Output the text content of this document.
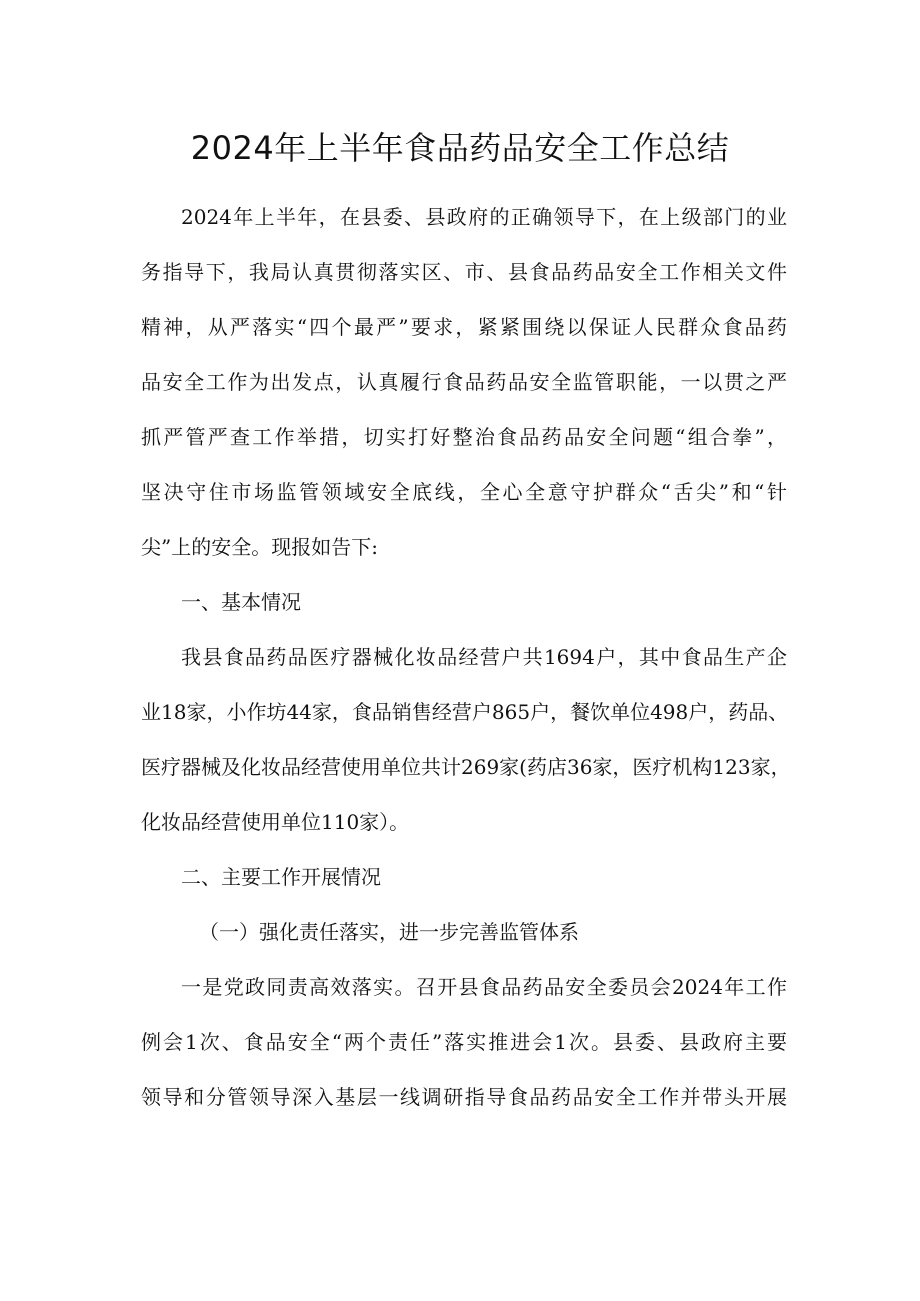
2024年上半年食品药品安全工作总结
2024年上半年，在县委、县政府的正确领导下，在上级部门的业
务指导下，我局认真贯彻落实区、市、县食品药品安全工作相关文件
精神，从严落实“四个最严”要求，紧紧围绕以保证人民群众食品药
品安全工作为出发点，认真履行食品药品安全监管职能，一以贯之严
抓严管严查工作举措，切实打好整治食品药品安全问题“组合拳”，
坚决守住市场监管领域安全底线，全心全意守护群众“舌尖”和“针
尖”上的安全。现报如告下:
一、基本情况
我县食品药品医疗器械化妆品经营户共1694户，其中食品生产企
业18家，小作坊44家，食品销售经营户865户，餐饮单位498户，药品、
医疗器械及化妆品经营使用单位共计269家(药店36家，医疗机构123家，
化妆品经营使用单位110家）。
二、主要工作开展情况
（一）强化责任落实，进一步完善监管体系
一是党政同责高效落实。召开县食品药品安全委员会2024年工作
例会1次、食品安全“两个责任”落实推进会1次。县委、县政府主要
领导和分管领导深入基层一线调研指导食品药品安全工作并带头开展
